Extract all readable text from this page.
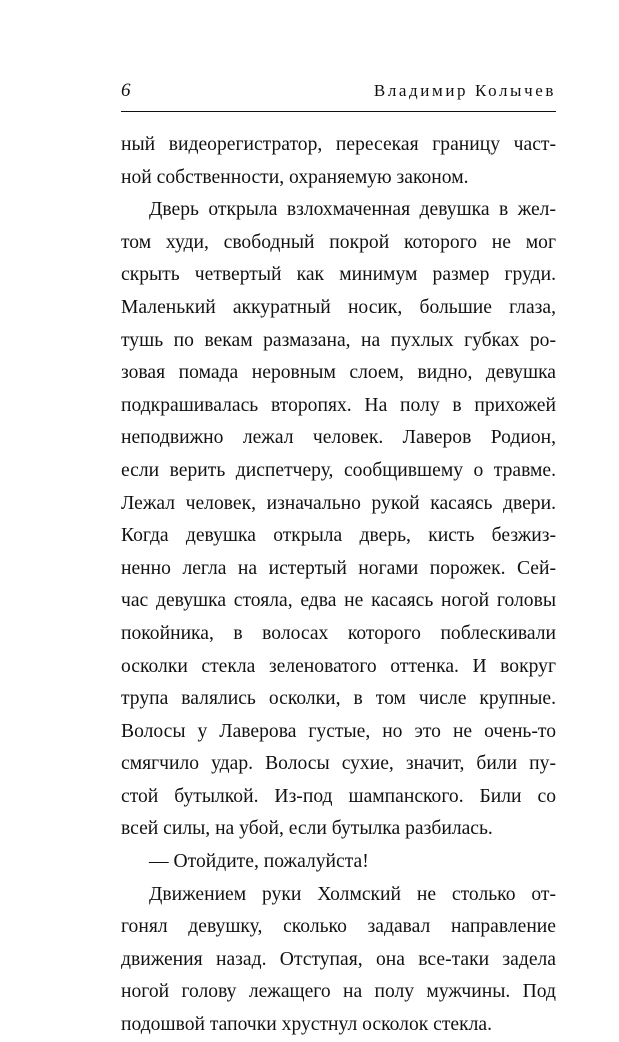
6	Владимир Колычев
ный видеорегистратор, пересекая границу част-
ной собственности, охраняемую законом.
Дверь открыла взлохмаченная девушка в жел-
том худи, свободный покрой которого не мог
скрыть четвертый как минимум размер груди.
Маленький аккуратный носик, большие глаза,
тушь по векам размазана, на пухлых губках ро-
зовая помада неровным слоем, видно, девушка
подкрашивалась второпях. На полу в прихожей
неподвижно лежал человек. Лаверов Родион,
если верить диспетчеру, сообщившему о травме.
Лежал человек, изначально рукой касаясь двери.
Когда девушка открыла дверь, кисть безжиз-
ненно легла на истертый ногами порожек. Сей-
час девушка стояла, едва не касаясь ногой головы
покойника, в волосах которого поблескивали
осколки стекла зеленоватого оттенка. И вокруг
трупа валялись осколки, в том числе крупные.
Волосы у Лаверова густые, но это не очень-то
смягчило удар. Волосы сухие, значит, били пу-
стой бутылкой. Из-под шампанского. Били со
всей силы, на убой, если бутылка разбилась.
— Отойдите, пожалуйста!
Движением руки Холмский не столько от-
гонял девушку, сколько задавал направление
движения назад. Отступая, она все-таки задела
ногой голову лежащего на полу мужчины. Под
подошвой тапочки хрустнул осколок стекла.
